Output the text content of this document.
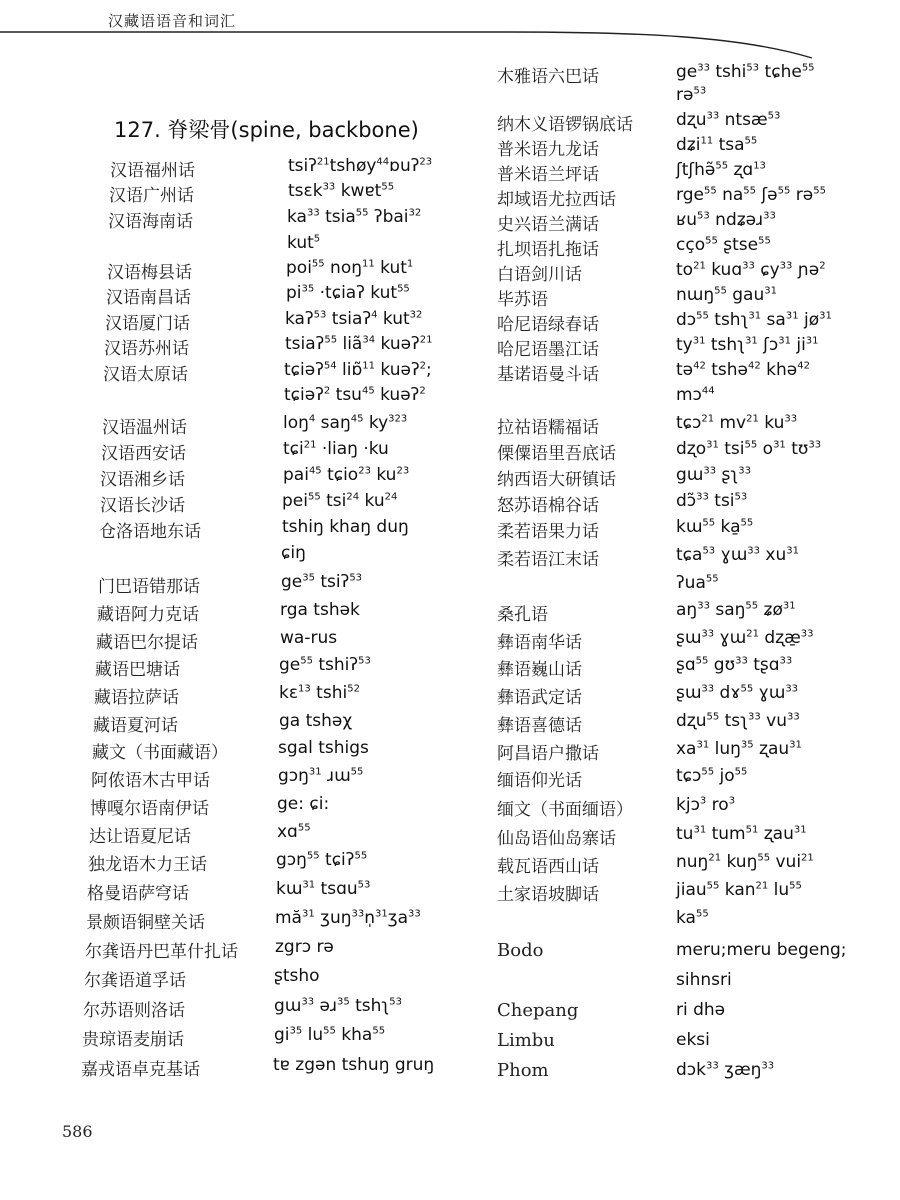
汉藏语语音和词汇
127. 脊梁骨(spine, backbone)
汉语福州话	tsiʔ$^{21}$tshøy$^{44}$ɒuʔ$^{23}$
汉语广州话	tsɛk$^{33}$ kwɐt$^{55}$
汉语海南话	$ka^{33}$ tsia$^{55}$ ʔbai$^{32}$
kut$^5$
汉语梅县话	poi$^{55}$ noŋ$^{11}$ kut$^1$
汉语南昌话	$pi^{35}$ ·tɕiaʔ kut$^{55}$
汉语厦门话	kaʔ$^{53}$ tsiaʔ$^4$ kut$^{32}$
汉语苏州话	tsiaʔ$^{55}$ liã$^{34}$ kuəʔ$^{21}$
汉语太原话	tɕiəʔ$^{54}$ liɒ̃$^{11}$ kuəʔ$^2$;
tɕiəʔ$^2$ tsu$^{45}$ kuəʔ$^2$
汉语温州话	loŋ$^4$ saŋ$^{45}$ $ky^{323}$
汉语西安话	tɕi$^{21}$ ·liaŋ ·ku
汉语湘乡话	pai$^{45}$ tɕio$^{23}$ $ku^{23}$
汉语长沙话	pei$^{55}$ tsi$^{24}$ $ku^{24}$
仓洛语地东话	tshiŋ khaŋ duŋ
ɕiŋ
门巴语错那话	$ge^{35}$ tsiʔ$^{53}$
藏语阿力克话	rga tshək
藏语巴尔提话	wa-rus
藏语巴塘话	$ge^{55}$ tshiʔ$^{53}$
藏语拉萨话	kɛ$^{13}$ tshi$^{52}$
藏语夏河话	ga tshəχ
藏文（书面藏语）	sgal tshigs
阿侬语木古甲话	gɔŋ$^{31}$ ɹɯ$^{55}$
博嘎尔语南伊话	ge: ɕi:
达让语夏尼话	xɑ$^{55}$
独龙语木力王话	gɔŋ$^{55}$ tɕiʔ$^{55}$
格曼语萨穹话	kɯ$^{31}$ tsɑu$^{53}$
景颇语铜壁关话	$mă^{31}$ ʒuŋ$^{33}$n̩$^{31}$ʒa$^{33}$
尔龚语丹巴革什扎话 zgrɔ rə
尔龚语道孚话	ʂtsho
尔苏语则洛话	gɯ$^{33}$ əɹ$^{35}$ tshʅ$^{53}$
贵琼语麦崩话	$gi^{35}$ $lu^{55}$ kha$^{55}$
嘉戎语卓克基话	tɐ zgən tshuŋ gruŋ
木雅语六巴话	$ge^{33}$ tshi$^{53}$ tɕhe$^{55}$
rə$^{53}$
纳木义语锣锅底话	dʐu$^{33}$ ntsæ$^{53}$
普米语九龙话	dʑi$^{11}$ tsa$^{55}$
普米语兰坪话	ʃtʃhə̃$^{55}$ ʐɑ$^{13}$
却域语尤拉西话	rge$^{55}$ $na^{55}$ ʃə$^{55}$ rə$^{55}$
史兴语兰满话	ʁu$^{53}$ ndʑəɹ$^{33}$
扎坝语扎拖话	cço$^{55}$ ʂtse$^{55}$
白语剑川话	$to^{21}$ kuɑ$^{33}$ ɕy$^{33}$ ɲə$^2$
毕苏语	nɯŋ$^{55}$ gau$^{31}$
哈尼语绿春话	dɔ$^{55}$ tshʅ$^{31}$ $sa^{31}$ $jø^{31}$
哈尼语墨江话	$ty^{31}$ tshʅ$^{31}$ ʃɔ$^{31}$ $ji^{31}$
基诺语曼斗话	tə$^{42}$ tshə$^{42}$ khə$^{42}$
mɔ$^{44}$
拉祜语糯福话	tɕɔ$^{21}$ $mv^{21}$ $ku^{33}$
傈僳语里吾底话	dʐo$^{31}$ tsi$^{55}$ $o^{31}$ tʊ$^{33}$
纳西语大研镇话	gɯ$^{33}$ ʂʅ$^{33}$
怒苏语棉谷话	dɔ̃$^{33}$ tsi$^{53}$
柔若语果力话	kɯ$^{55}$ ka̱$^{55}$
柔若语江末话	tɕa$^{53}$ ɣɯ$^{33}$ $xu^{31}$
ʔua$^{55}$
桑孔语	$aŋ^{33}$ saŋ$^{55}$ ʑø$^{31}$
彝语南华话	ʂɯ$^{33}$ ɣɯ$^{21}$ dʐæ̱$^{33}$
彝语巍山话	ʂɑ$^{55}$ gʊ$^{33}$ tʂɑ$^{33}$
彝语武定话	ʂɯ$^{33}$ dɤ$^{55}$ ɣɯ$^{33}$
彝语喜德话	dʐu$^{55}$ tsʅ$^{33}$ $vu^{33}$
阿昌语户撒话	$xa^{31}$ luŋ$^{35}$ ʐau$^{31}$
缅语仰光话	tɕɔ$^{55}$ $jo^{55}$
缅文（书面缅语）	kjɔ$^3$ $ro^3$
仙岛语仙岛寨话	$tu^{31}$ tum$^{51}$ ʐau$^{31}$
载瓦语西山话	nuŋ$^{21}$ kuŋ$^{55}$ vui$^{21}$
土家语坡脚话	jiau$^{55}$ kan$^{21}$ $lu^{55}$
$ka^{55}$
Bodo	meru;meru begeng;
sihnsri
Chepang	ri dhə
Limbu	eksi
Phom	dɔk$^{33}$ ʒæŋ$^{33}$
586
